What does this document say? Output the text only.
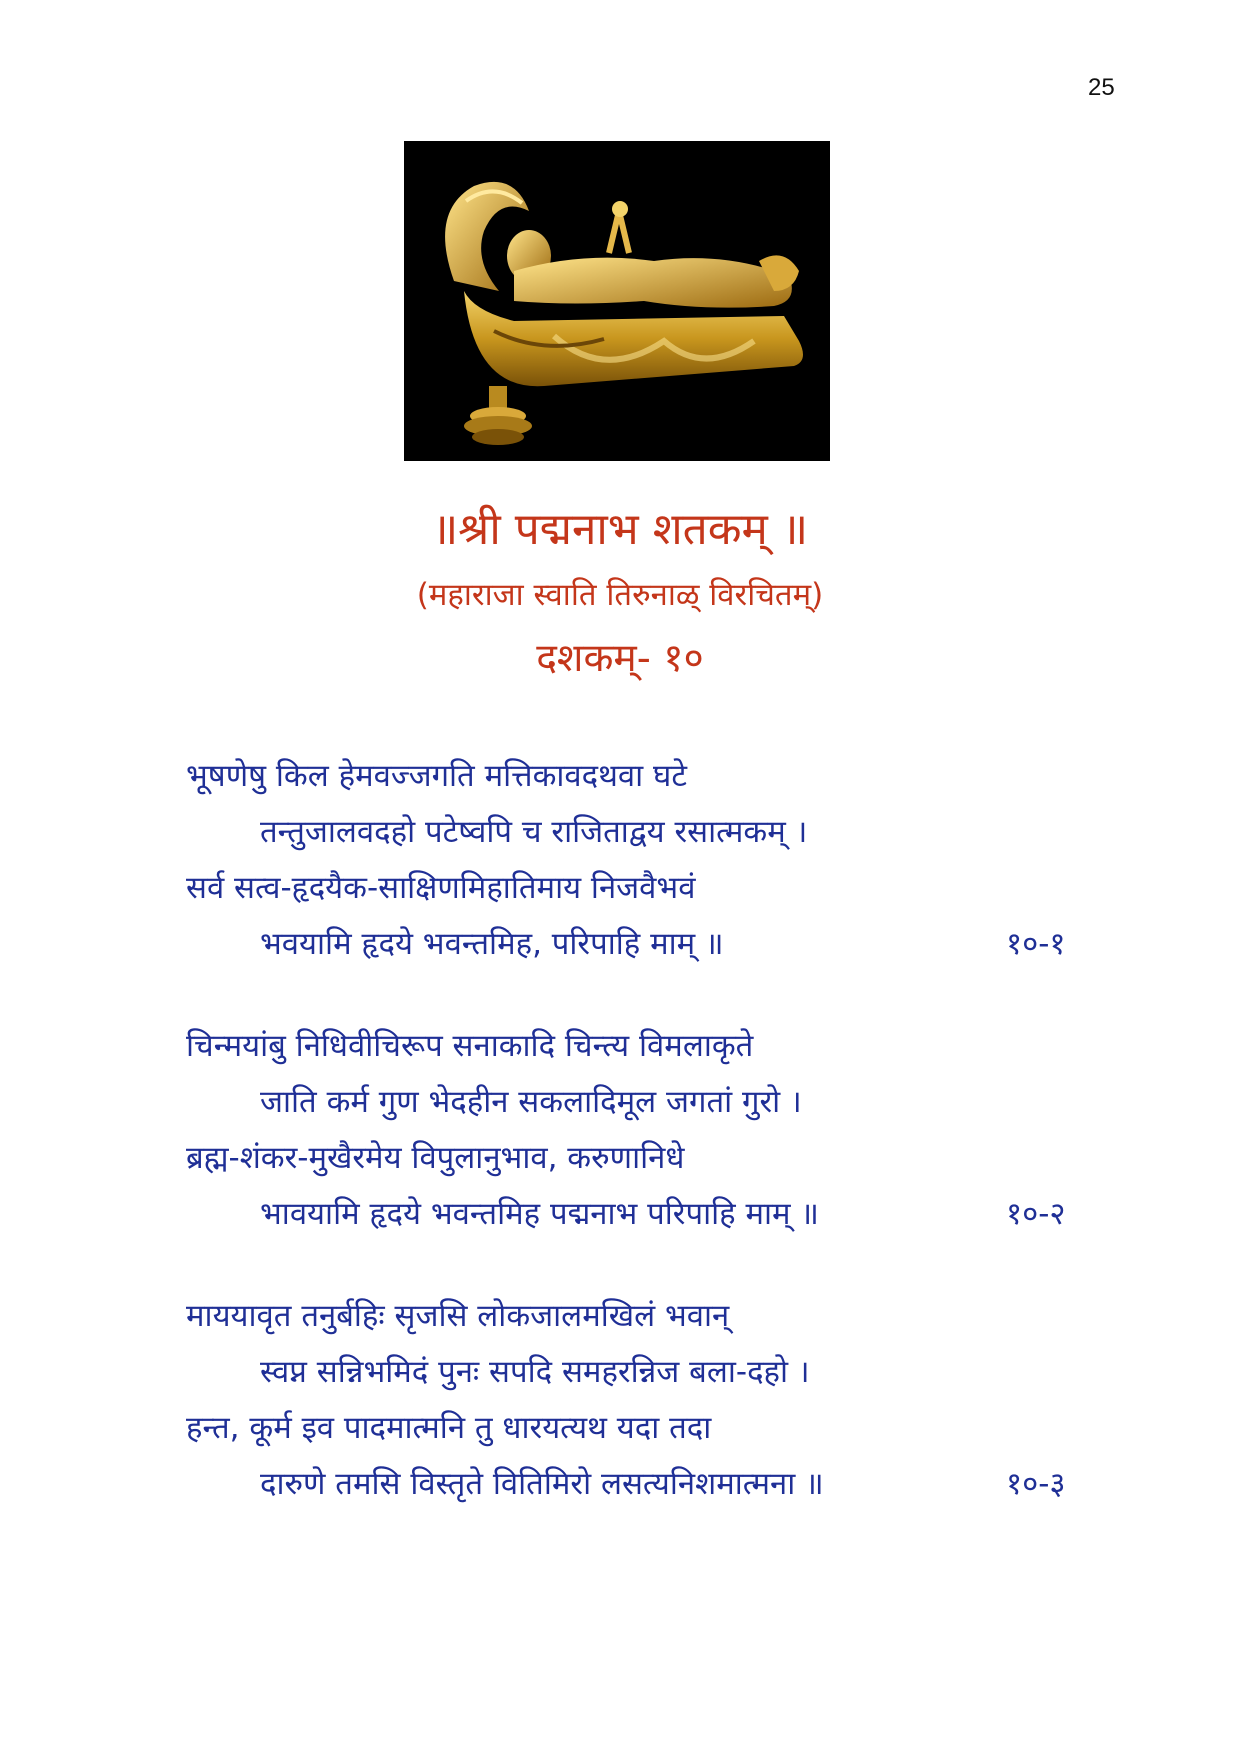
25
॥श्री पद्मनाभ शतकम् ॥
(महाराजा स्वाति तिरुनाळ् विरचितम्)
दशकम्- १०
भूषणेषु किल हेमवज्जगति मत्तिकावदथवा घटे
तन्तुजालवदहो पटेष्वपि च राजिताद्वय रसात्मकम् ।
सर्व सत्व-हृदयैक-साक्षिणमिहातिमाय निजवैभवं
भवयामि हृदये भवन्तमिह, परिपाहि माम् ॥	१०-१
चिन्मयांबु निधिवीचिरूप सनाकादि चिन्त्य विमलाकृते
जाति कर्म गुण भेदहीन सकलादिमूल जगतां गुरो ।
ब्रह्म-शंकर-मुखैरमेय विपुलानुभाव, करुणानिधे
भावयामि हृदये भवन्तमिह पद्मनाभ परिपाहि माम् ॥	१०-२
माययावृत तनुर्बहिः सृजसि लोकजालमखिलं भवान्
स्वप्न सन्निभमिदं पुनः सपदि समहरन्निज बला-दहो ।
हन्त, कूर्म इव पादमात्मनि तु धारयत्यथ यदा तदा
दारुणे तमसि विस्तृते वितिमिरो लसत्यनिशमात्मना ॥	१०-३
